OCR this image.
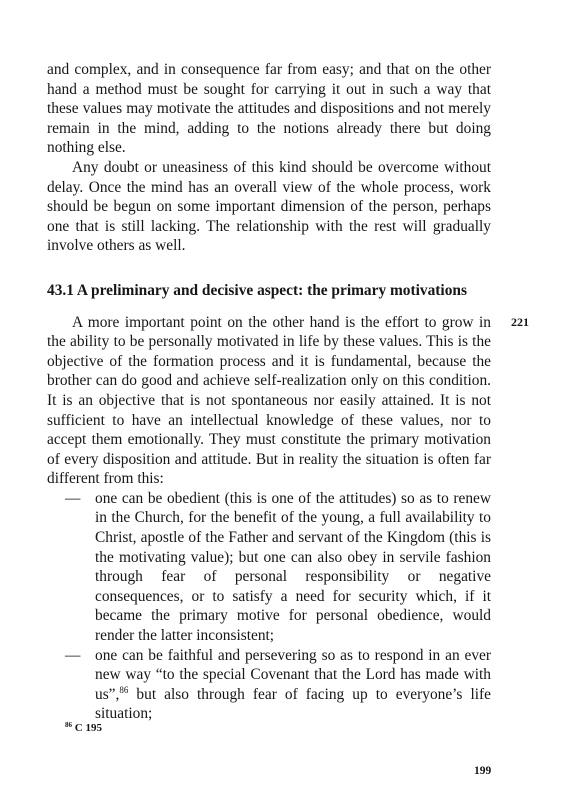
and complex, and in consequence far from easy; and that on the other hand a method must be sought for carrying it out in such a way that these values may motivate the attitudes and dispositions and not merely remain in the mind, adding to the notions already there but doing nothing else.

Any doubt or uneasiness of this kind should be overcome without delay. Once the mind has an overall view of the whole process, work should be begun on some important dimension of the person, perhaps one that is still lacking. The relationship with the rest will gradually involve others as well.

43.1 A preliminary and decisive aspect: the primary motivations
221

A more important point on the other hand is the effort to grow in the ability to be personally motivated in life by these values. This is the objective of the formation process and it is fundamental, because the brother can do good and achieve self-realization only on this condition. It is an objective that is not spontaneous nor easily attained. It is not sufficient to have an intellectual knowledge of these values, nor to accept them emotionally. They must constitute the primary motivation of every disposition and attitude. But in reality the situation is often far different from this:

— one can be obedient (this is one of the attitudes) so as to renew in the Church, for the benefit of the young, a full availability to Christ, apostle of the Father and servant of the Kingdom (this is the motivating value); but one can also obey in servile fashion through fear of personal responsibility or negative consequences, or to satisfy a need for security which, if it became the primary motive for personal obedience, would render the latter inconsistent;
— one can be faithful and persevering so as to respond in an ever new way “to the special Covenant that the Lord has made with us”,$^{86}$ but also through fear of facing up to everyone’s life situation;
$^{86}$ C 195
199
